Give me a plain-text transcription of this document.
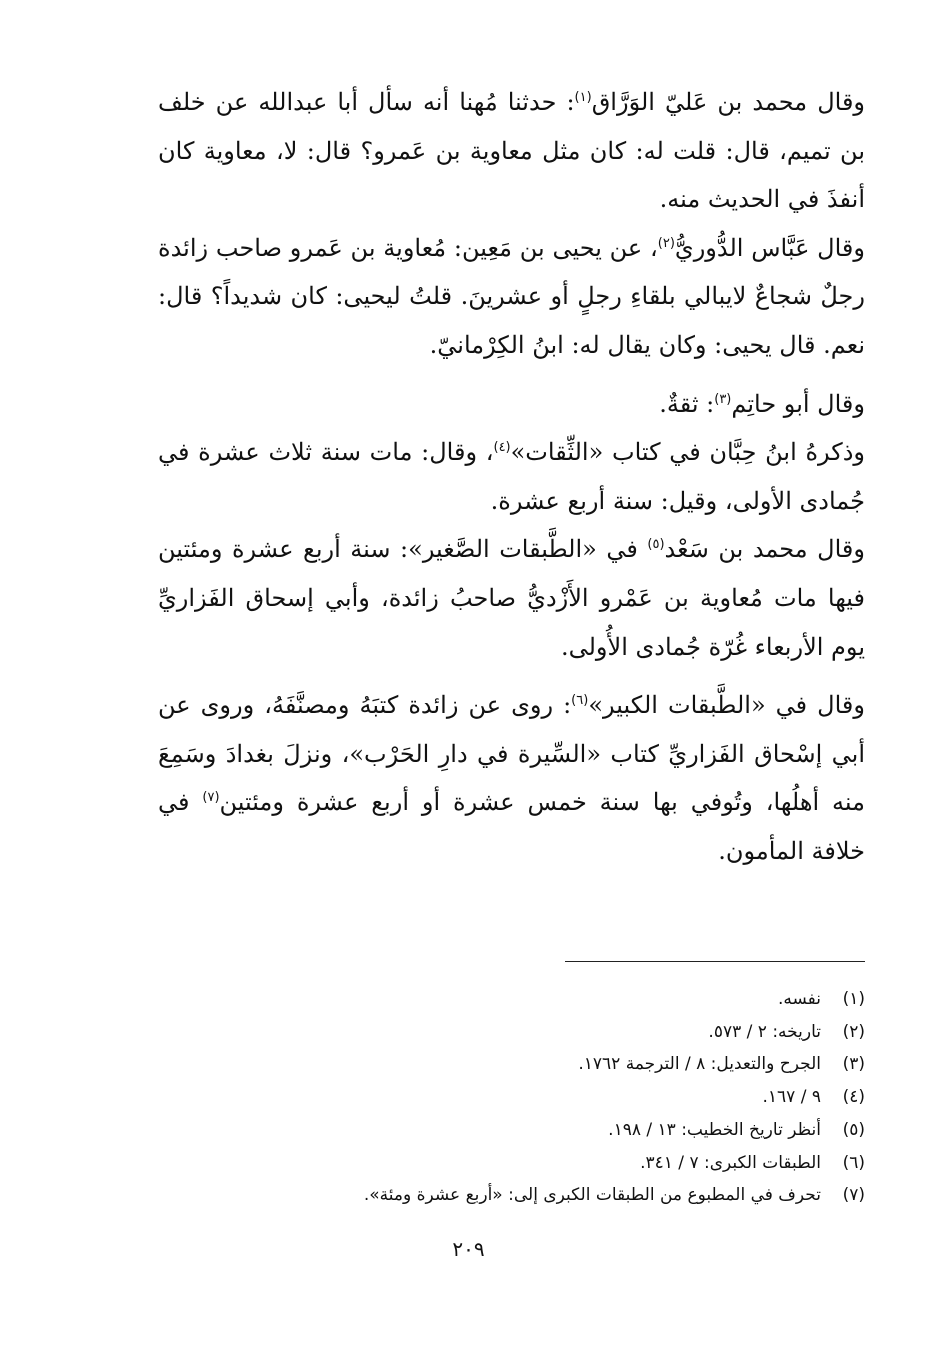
وقال محمد بن عَليّ الوَرَّاق$^{(١)}$: حدثنا مُهنا أنه سأل أبا عبدالله عن خلف بن تميم، قال: قلت له: كان مثل معاوية بن عَمرو؟ قال: لا، معاوية كان أنفذَ في الحديث منه.

وقال عَبَّاس الدُّوريُّ$^{(٢)}$، عن يحيى بن مَعِين: مُعاوية بن عَمرو صاحب زائدة رجلٌ شجاعٌ لايبالي بلقاءِ رجلٍ أو عشرينَ. قلتُ ليحيى: كان شديداً؟ قال: نعم. قال يحيى: وكان يقال له: ابنُ الكِرْمانيّ.

وقال أبو حاتِم$^{(٣)}$: ثقةٌ.

وذكرهُ ابنُ حِبَّان في كتاب «الثِّقات»$^{(٤)}$، وقال: مات سنة ثلاث عشرة في جُمادى الأولى، وقيل: سنة أربع عشرة.

وقال محمد بن سَعْد$^{(٥)}$ في «الطَّبقات الصَّغير»: سنة أربع عشرة ومئتين فيها مات مُعاوية بن عَمْرو الأَزْديُّ صاحبُ زائدة، وأبي إسحاق الفَزاريِّ يوم الأربعاء غُرّة جُمادى الأُولى.

وقال في «الطَّبقات الكبير»$^{(٦)}$: روى عن زائدة كتبَهُ ومصنَّفَهُ، وروى عن أبي إسْحاق الفَزاريِّ كتاب «السِّيرة في دارِ الحَرْب»، ونزلَ بغدادَ وسَمِعَ منه أهلُها، وتُوفي بها سنة خمس عشرة أو أربع عشرة ومئتين$^{(٧)}$ في خلافة المأمون.

(١)
نفسه.
(٢)
تاريخه: ٢ / ٥٧٣.
(٣)
الجرح والتعديل: ٨ / الترجمة ١٧٦٢.
(٤)
٩ / ١٦٧.
(٥)
أنظر تاريخ الخطيب: ١٣ / ١٩٨.
(٦)
الطبقات الكبرى: ٧ / ٣٤١.
(٧)
تحرف في المطبوع من الطبقات الكبرى إلى: «أربع عشرة ومئة».
٢٠٩
